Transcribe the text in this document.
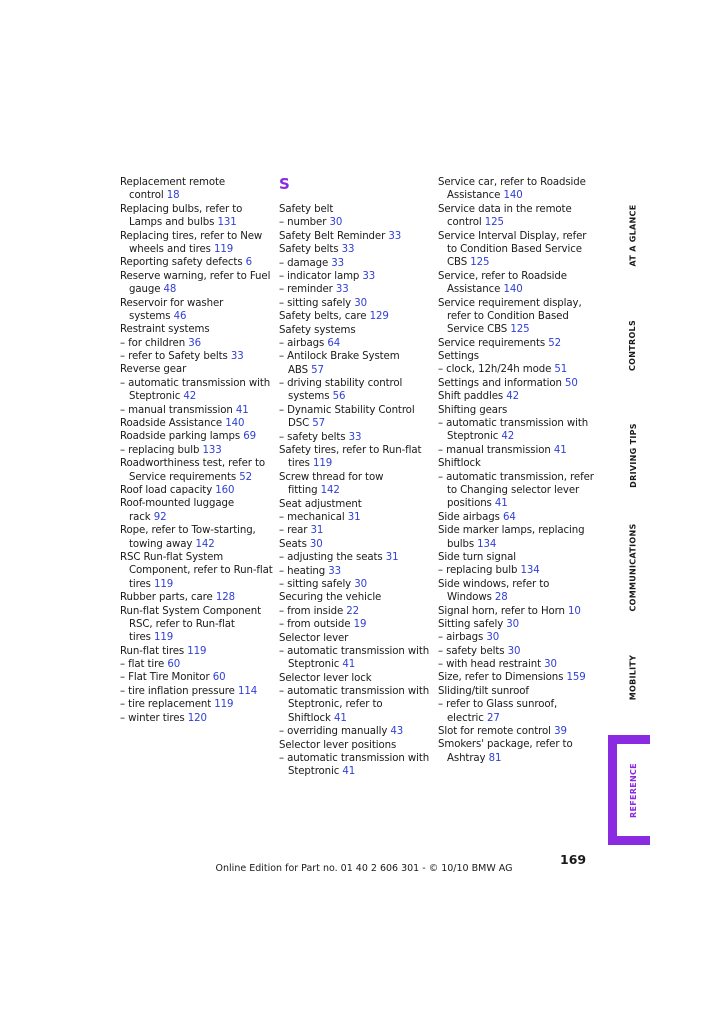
Replacement remote
control 18
Replacing bulbs, refer to
Lamps and bulbs 131
Replacing tires, refer to New
wheels and tires 119
Reporting safety defects 6
Reserve warning, refer to Fuel
gauge 48
Reservoir for washer
systems 46
Restraint systems
– for children 36
– refer to Safety belts 33
Reverse gear
– automatic transmission with
Steptronic 42
– manual transmission 41
Roadside Assistance 140
Roadside parking lamps 69
– replacing bulb 133
Roadworthiness test, refer to
Service requirements 52
Roof load capacity 160
Roof-mounted luggage
rack 92
Rope, refer to Tow-starting,
towing away 142
RSC Run-flat System
Component, refer to Run-flat
tires 119
Rubber parts, care 128
Run-flat System Component
RSC, refer to Run-flat
tires 119
Run-flat tires 119
– flat tire 60
– Flat Tire Monitor 60
– tire inflation pressure 114
– tire replacement 119
– winter tires 120
S
Safety belt
– number 30
Safety Belt Reminder 33
Safety belts 33
– damage 33
– indicator lamp 33
– reminder 33
– sitting safely 30
Safety belts, care 129
Safety systems
– airbags 64
– Antilock Brake System
ABS 57
– driving stability control
systems 56
– Dynamic Stability Control
DSC 57
– safety belts 33
Safety tires, refer to Run-flat
tires 119
Screw thread for tow
fitting 142
Seat adjustment
– mechanical 31
– rear 31
Seats 30
– adjusting the seats 31
– heating 33
– sitting safely 30
Securing the vehicle
– from inside 22
– from outside 19
Selector lever
– automatic transmission with
Steptronic 41
Selector lever lock
– automatic transmission with
Steptronic, refer to
Shiftlock 41
– overriding manually 43
Selector lever positions
– automatic transmission with
Steptronic 41
Service car, refer to Roadside
Assistance 140
Service data in the remote
control 125
Service Interval Display, refer
to Condition Based Service
CBS 125
Service, refer to Roadside
Assistance 140
Service requirement display,
refer to Condition Based
Service CBS 125
Service requirements 52
Settings
– clock, 12h/24h mode 51
Settings and information 50
Shift paddles 42
Shifting gears
– automatic transmission with
Steptronic 42
– manual transmission 41
Shiftlock
– automatic transmission, refer
to Changing selector lever
positions 41
Side airbags 64
Side marker lamps, replacing
bulbs 134
Side turn signal
– replacing bulb 134
Side windows, refer to
Windows 28
Signal horn, refer to Horn 10
Sitting safely 30
– airbags 30
– safety belts 30
– with head restraint 30
Size, refer to Dimensions 159
Sliding/tilt sunroof
– refer to Glass sunroof,
electric 27
Slot for remote control 39
Smokers' package, refer to
Ashtray 81
AT A GLANCE
CONTROLS
DRIVING TIPS
COMMUNICATIONS
MOBILITY
REFERENCE
169
Online Edition for Part no. 01 40 2 606 301 - © 10/10 BMW AG
